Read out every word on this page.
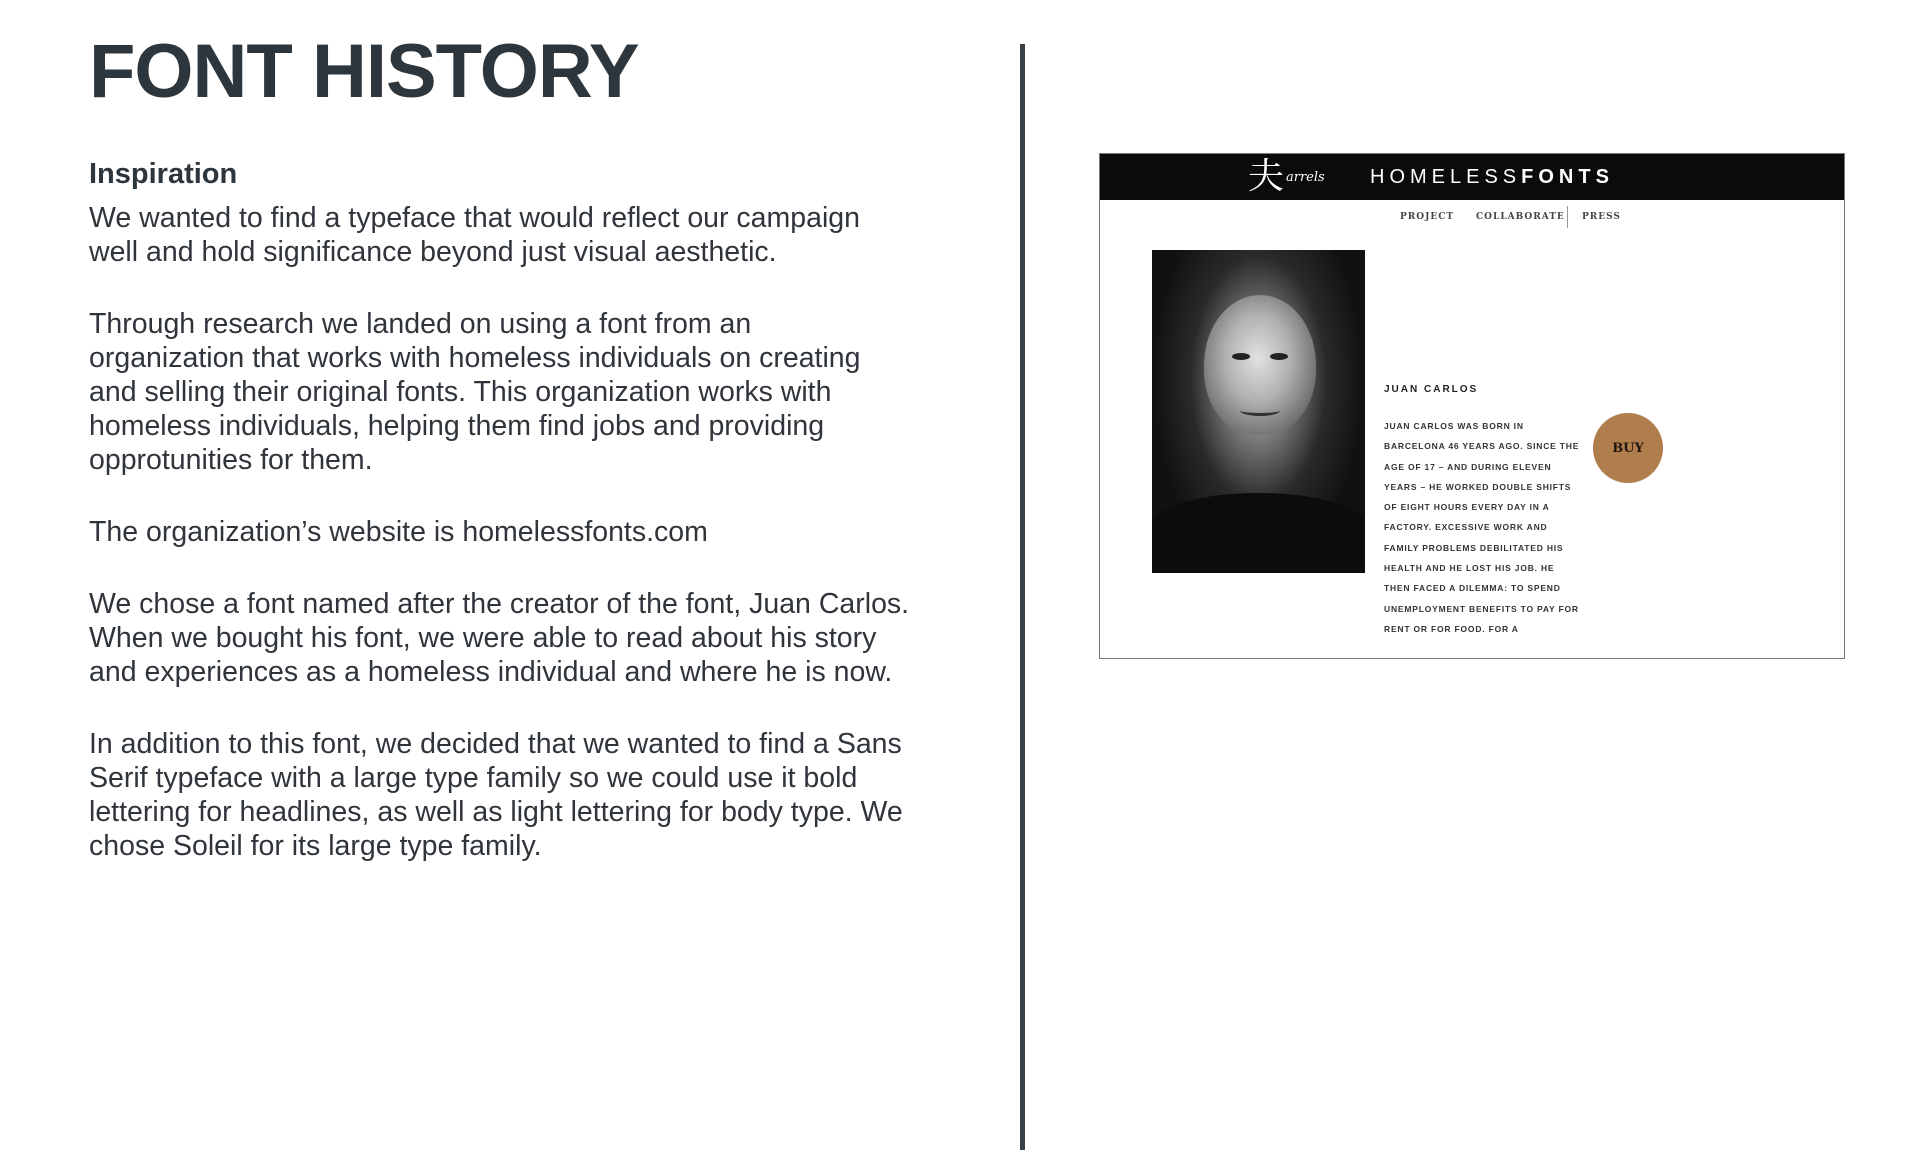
FONT HISTORY
Inspiration

We wanted to find a typeface that would reflect our campaign
well and hold significance beyond just visual aesthetic.

Through research we landed on using a font from an
organization that works with homeless individuals on creating
and selling their original fonts. This organization works with
homeless individuals, helping them find jobs and providing
opprotunities for them.

The organization’s website is homelessfonts.com

We chose a font named after the creator of the font, Juan Carlos.
When we bought his font, we were able to read about his story
and experiences as a homeless individual and where he is now.

In addition to this font, we decided that we wanted to find a Sans
Serif typeface with a large type family so we could use it bold
lettering for headlines, as well as light lettering for body type. We
chose Soleil for its large type family.

夫 arrels HOMELESSFONTS
PROJECT COLLABORATE PRESS
JUAN CARLOS
JUAN CARLOS WAS BORN IN BARCELONA 46 YEARS AGO. SINCE THE AGE OF 17 – AND DURING ELEVEN YEARS – HE WORKED DOUBLE SHIFTS OF EIGHT HOURS EVERY DAY IN A FACTORY. EXCESSIVE WORK AND FAMILY PROBLEMS DEBILITATED HIS HEALTH AND HE LOST HIS JOB. HE THEN FACED A DILEMMA: TO SPEND UNEMPLOYMENT BENEFITS TO PAY FOR RENT OR FOR FOOD. FOR A
BUY
